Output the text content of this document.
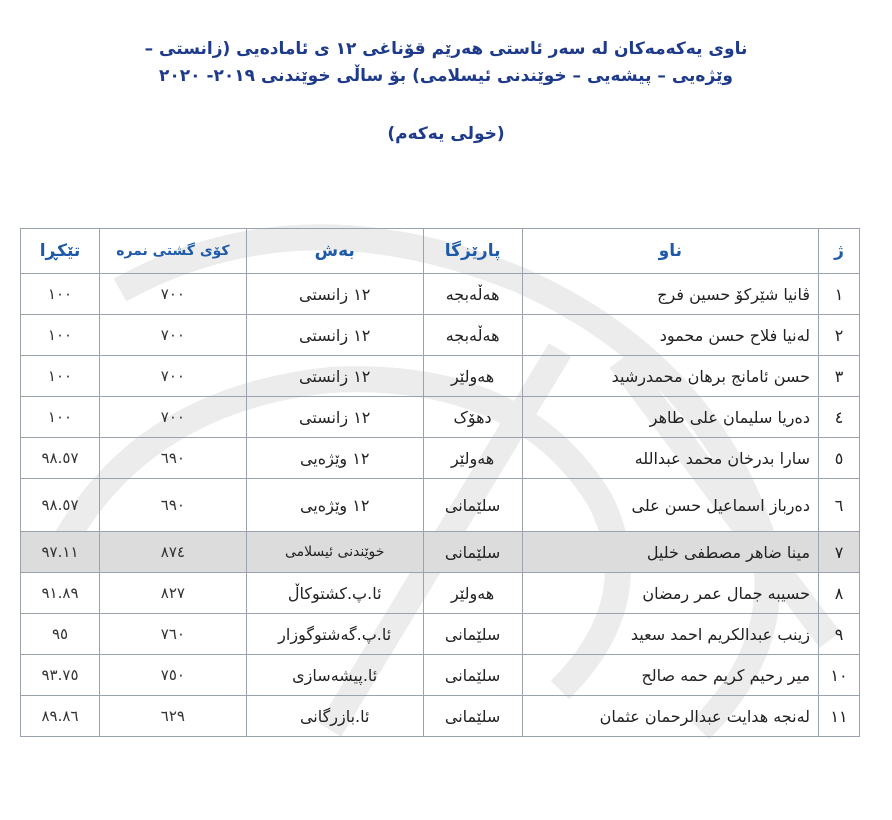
ناوی یەکەمەکان لە سەر ئاستی هەرێم قۆناغی ١٢ ی ئامادەیی (زانستی –
وێژەیی – پیشەیی – خوێندنی ئیسلامی) بۆ ساڵی خوێندنی ٢٠١٩- ٢٠٢٠
(خولی یەکەم)
ژ	ناو	پارێزگا	بەش	کۆی گشتی نمرە	تێکڕا
١	ڤانیا شێرکۆ حسین فرج	هەڵەبجە	١٢ زانستی	٧٠٠	١٠٠
٢	لەنیا فلاح حسن محمود	هەڵەبجە	١٢ زانستی	٧٠٠	١٠٠
٣	حسن ئامانج برهان محمدرشید	هەولێر	١٢ زانستی	٧٠٠	١٠٠
٤	دەریا سلیمان علی طاهر	دهۆک	١٢ زانستی	٧٠٠	١٠٠
٥	سارا بدرخان محمد عبدالله	هەولێر	١٢ وێژەیی	٦٩٠	٩٨.٥٧
٦	دەرباز اسماعیل حسن علی	سلێمانی	١٢ وێژەیی	٦٩٠	٩٨.٥٧
٧	مینا ضاهر مصطفی خلیل	سلێمانی	خوێندنی ئیسلامی	٨٧٤	٩٧.١١
٨	حسیبە جمال عمر رمضان	هەولێر	ئا.پ.کشتوکاڵ	٨٢٧	٩١.٨٩
٩	زینب عبدالکریم احمد سعید	سلێمانی	ئا.پ.گەشتوگوزار	٧٦٠	٩٥
١٠	میر رحیم کریم حمه صالح	سلێمانی	ئا.پیشەسازی	٧٥٠	٩٣.٧٥
١١	لەنجە هدایت عبدالرحمان عثمان	سلێمانی	ئا.بازرگانی	٦٢٩	٨٩.٨٦
